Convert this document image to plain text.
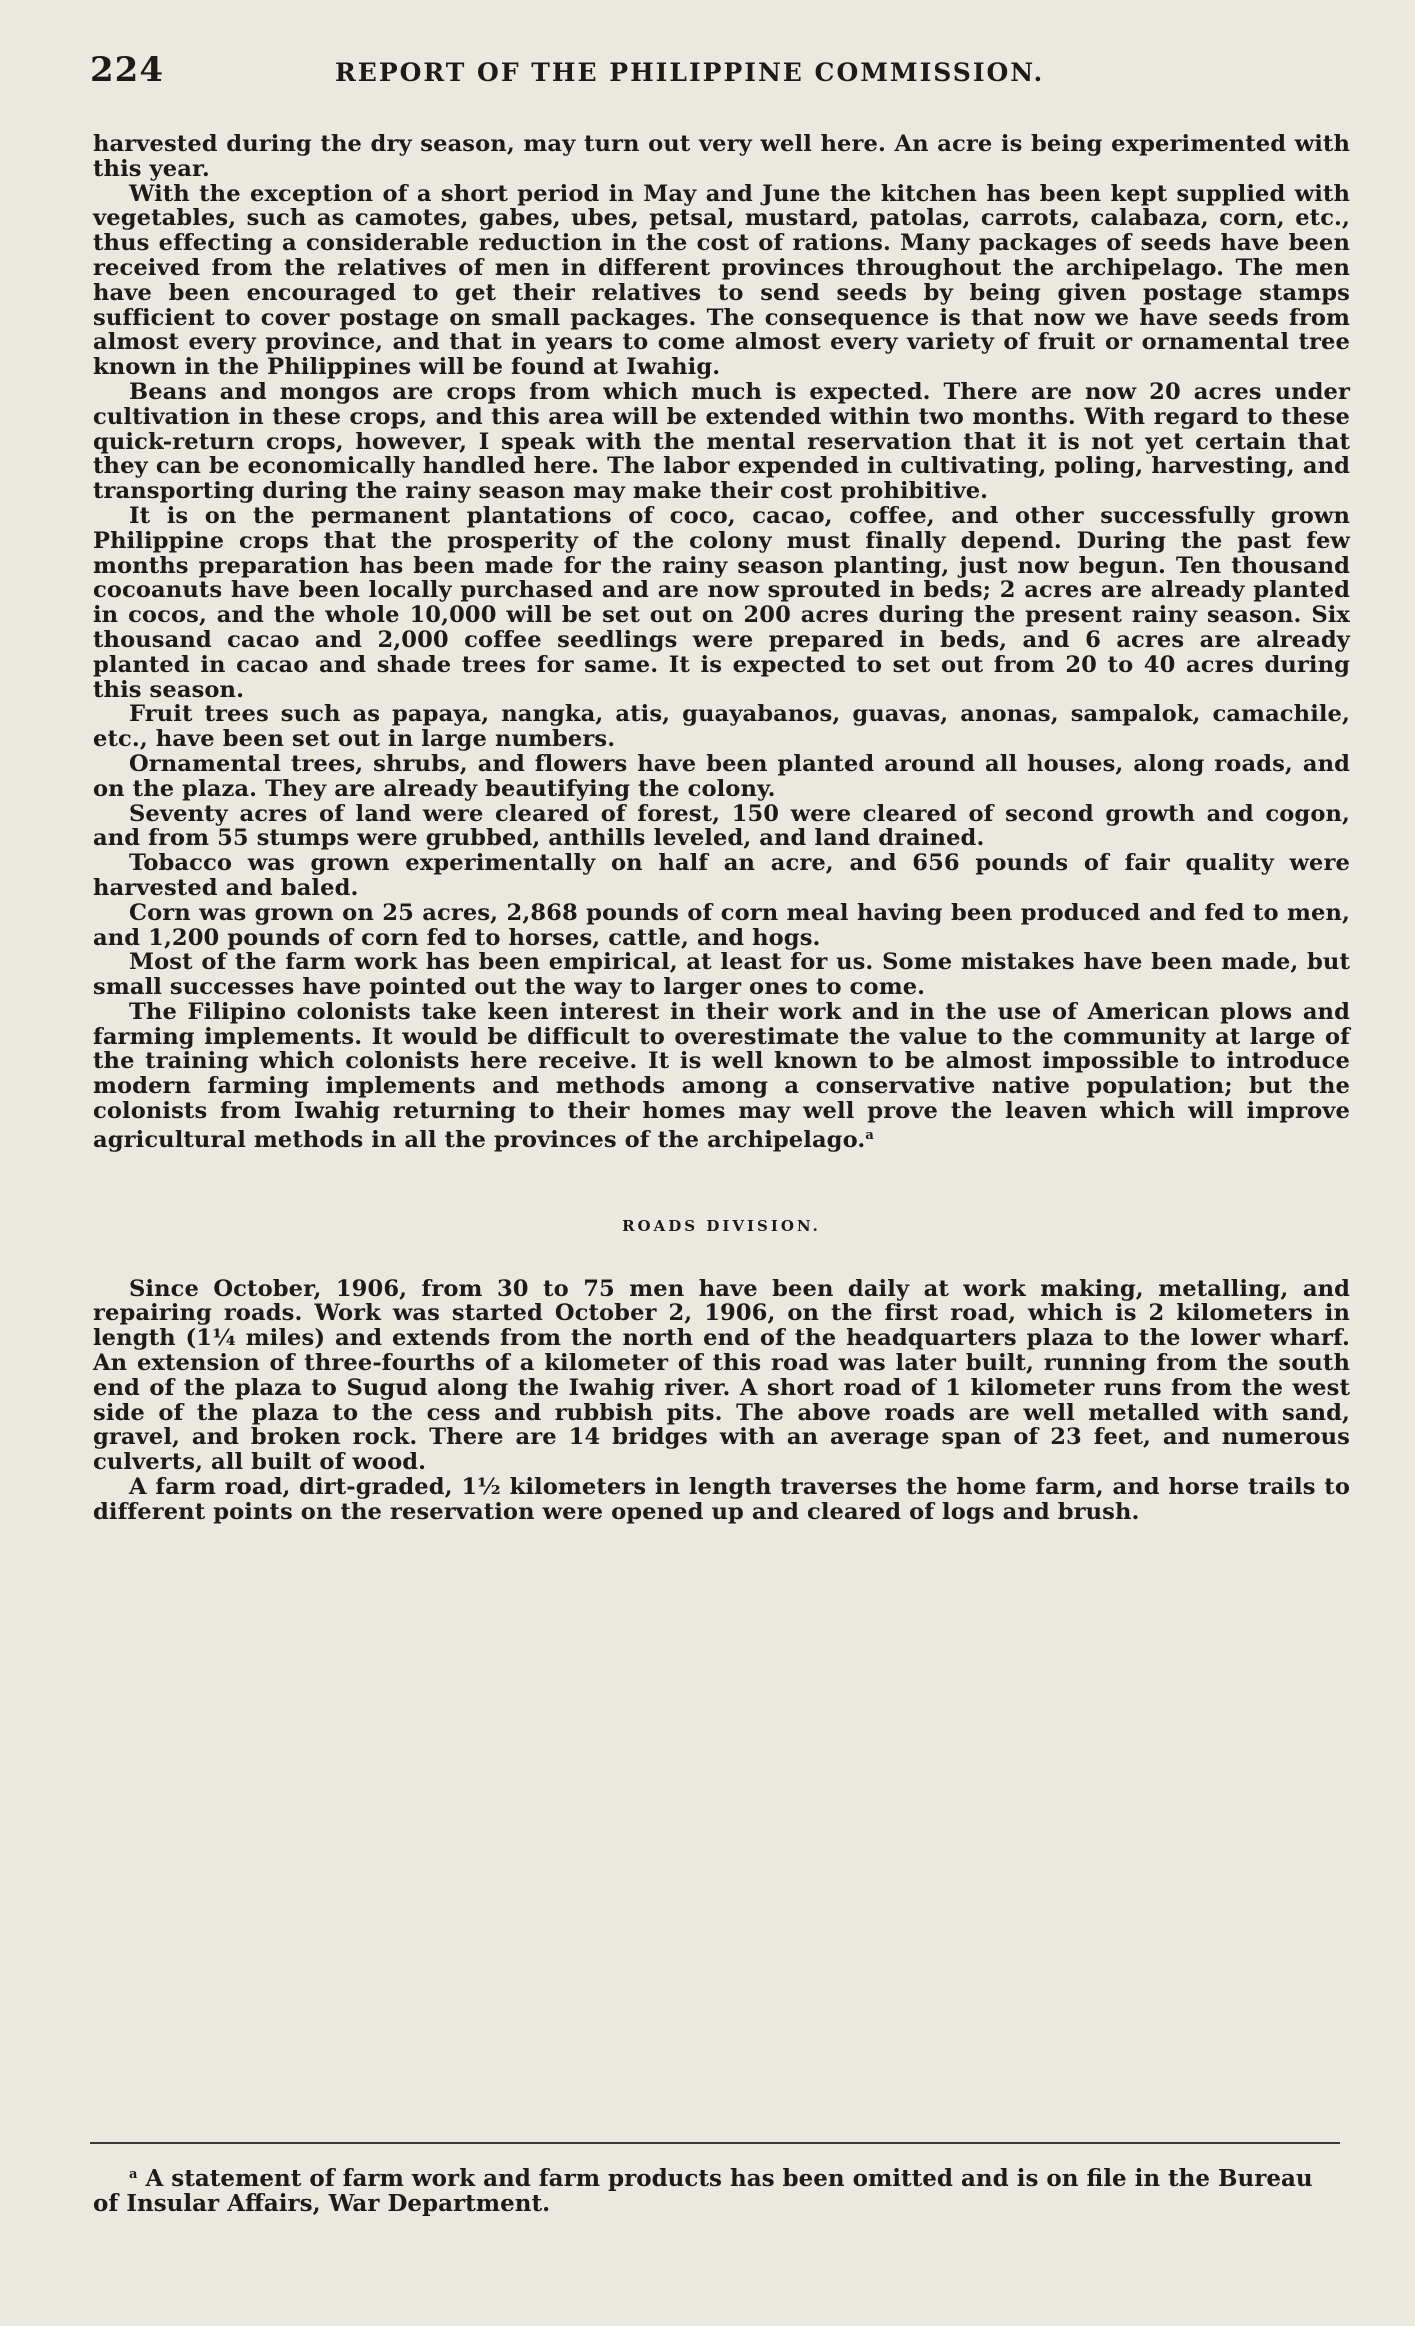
224	REPORT OF THE PHILIPPINE COMMISSION.

harvested during the dry season, may turn out very well here. An acre is being experimented with this year.

With the exception of a short period in May and June the kitchen has been kept supplied with vegetables, such as camotes, gabes, ubes, petsal, mustard, patolas, carrots, calabaza, corn, etc., thus effecting a considerable reduction in the cost of rations. Many packages of seeds have been received from the relatives of men in different provinces throughout the archipelago. The men have been encouraged to get their relatives to send seeds by being given postage stamps sufficient to cover postage on small packages. The consequence is that now we have seeds from almost every province, and that in years to come almost every variety of fruit or ornamental tree known in the Philippines will be found at Iwahig.

Beans and mongos are crops from which much is expected. There are now 20 acres under cultivation in these crops, and this area will be extended within two months. With regard to these quick-return crops, however, I speak with the mental reservation that it is not yet certain that they can be economically handled here. The labor expended in cultivating, poling, harvesting, and transporting during the rainy season may make their cost prohibitive.

It is on the permanent plantations of coco, cacao, coffee, and other successfully grown Philippine crops that the prosperity of the colony must finally depend. During the past few months preparation has been made for the rainy season planting, just now begun. Ten thousand cocoanuts have been locally purchased and are now sprouted in beds; 2 acres are already planted in cocos, and the whole 10,000 will be set out on 200 acres during the present rainy season. Six thousand cacao and 2,000 coffee seedlings were prepared in beds, and 6 acres are already planted in cacao and shade trees for same. It is expected to set out from 20 to 40 acres during this season.

Fruit trees such as papaya, nangka, atis, guayabanos, guavas, anonas, sampalok, camachile, etc., have been set out in large numbers.

Ornamental trees, shrubs, and flowers have been planted around all houses, along roads, and on the plaza. They are already beautifying the colony.

Seventy acres of land were cleared of forest, 150 were cleared of second growth and cogon, and from 55 stumps were grubbed, anthills leveled, and land drained.

Tobacco was grown experimentally on half an acre, and 656 pounds of fair quality were harvested and baled.

Corn was grown on 25 acres, 2,868 pounds of corn meal having been produced and fed to men, and 1,200 pounds of corn fed to horses, cattle, and hogs.

Most of the farm work has been empirical, at least for us. Some mistakes have been made, but small successes have pointed out the way to larger ones to come.

The Filipino colonists take keen interest in their work and in the use of American plows and farming implements. It would be difficult to overestimate the value to the community at large of the training which colonists here receive. It is well known to be almost impossible to introduce modern farming implements and methods among a conservative native population; but the colonists from Iwahig returning to their homes may well prove the leaven which will improve agricultural methods in all the provinces of the archipelago.$^a$

ROADS DIVISION.

Since October, 1906, from 30 to 75 men have been daily at work making, metalling, and repairing roads. Work was started October 2, 1906, on the first road, which is 2 kilometers in length (1¼ miles) and extends from the north end of the headquarters plaza to the lower wharf. An extension of three-fourths of a kilometer of this road was later built, running from the south end of the plaza to Sugud along the Iwahig river. A short road of 1 kilometer runs from the west side of the plaza to the cess and rubbish pits. The above roads are well metalled with sand, gravel, and broken rock. There are 14 bridges with an average span of 23 feet, and numerous culverts, all built of wood.

A farm road, dirt-graded, 1½ kilometers in length traverses the home farm, and horse trails to different points on the reservation were opened up and cleared of logs and brush.

$^a$ A statement of farm work and farm products has been omitted and is on file in the Bureau of Insular Affairs, War Department.
